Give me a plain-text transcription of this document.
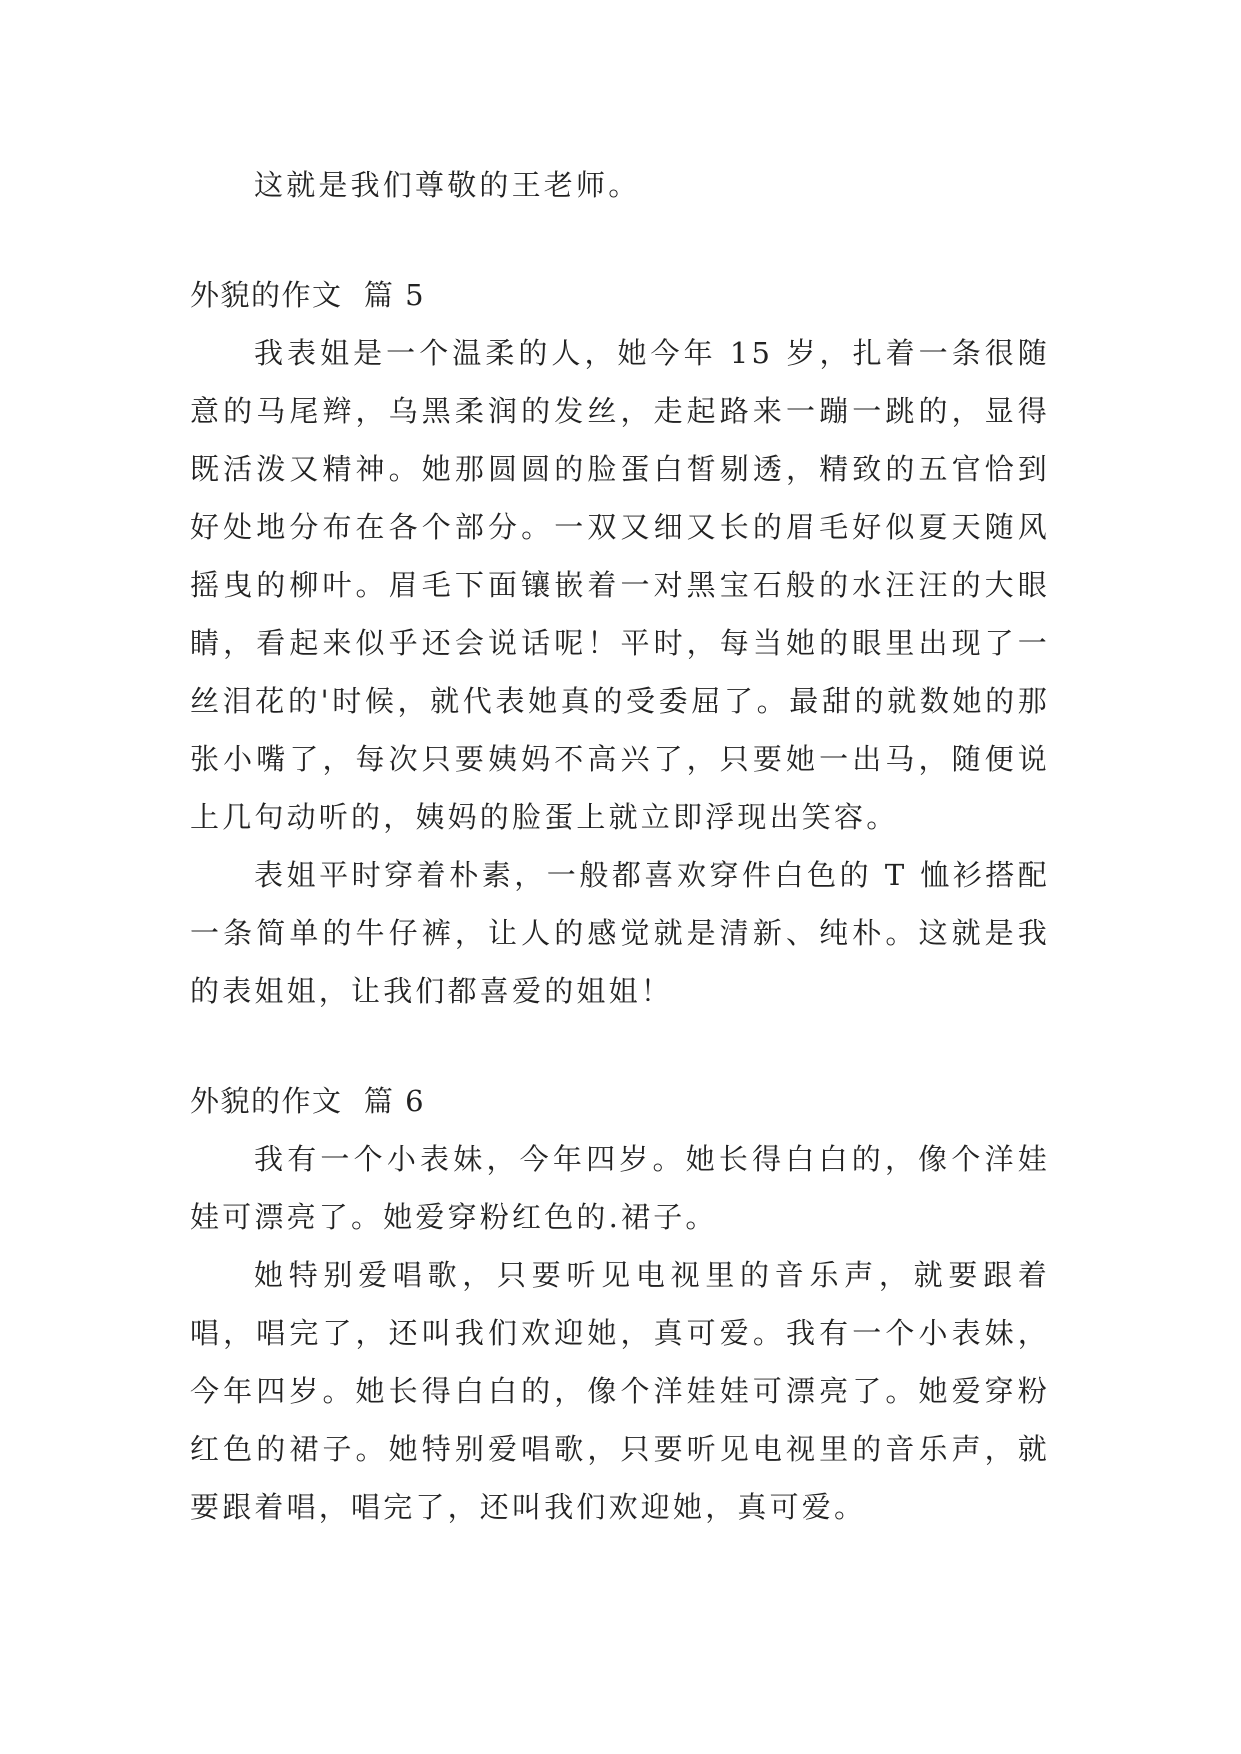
这就是我们尊敬的王老师。

外貌的作文  篇 5

我表姐是一个温柔的人，她今年 15 岁，扎着一条很随意的马尾辫，乌黑柔润的发丝，走起路来一蹦一跳的，显得既活泼又精神。她那圆圆的脸蛋白皙剔透，精致的五官恰到好处地分布在各个部分。一双又细又长的眉毛好似夏天随风摇曳的柳叶。眉毛下面镶嵌着一对黑宝石般的水汪汪的大眼睛，看起来似乎还会说话呢！平时，每当她的眼里出现了一丝泪花的'时候，就代表她真的受委屈了。最甜的就数她的那张小嘴了，每次只要姨妈不高兴了，只要她一出马，随便说上几句动听的，姨妈的脸蛋上就立即浮现出笑容。

表姐平时穿着朴素，一般都喜欢穿件白色的 T 恤衫搭配一条简单的牛仔裤，让人的感觉就是清新、纯朴。这就是我的表姐姐，让我们都喜爱的姐姐！

外貌的作文  篇 6

我有一个小表妹，今年四岁。她长得白白的，像个洋娃娃可漂亮了。她爱穿粉红色的.裙子。

她特别爱唱歌，只要听见电视里的音乐声，就要跟着唱，唱完了，还叫我们欢迎她，真可爱。我有一个小表妹，今年四岁。她长得白白的，像个洋娃娃可漂亮了。她爱穿粉红色的裙子。她特别爱唱歌，只要听见电视里的音乐声，就要跟着唱，唱完了，还叫我们欢迎她，真可爱。
